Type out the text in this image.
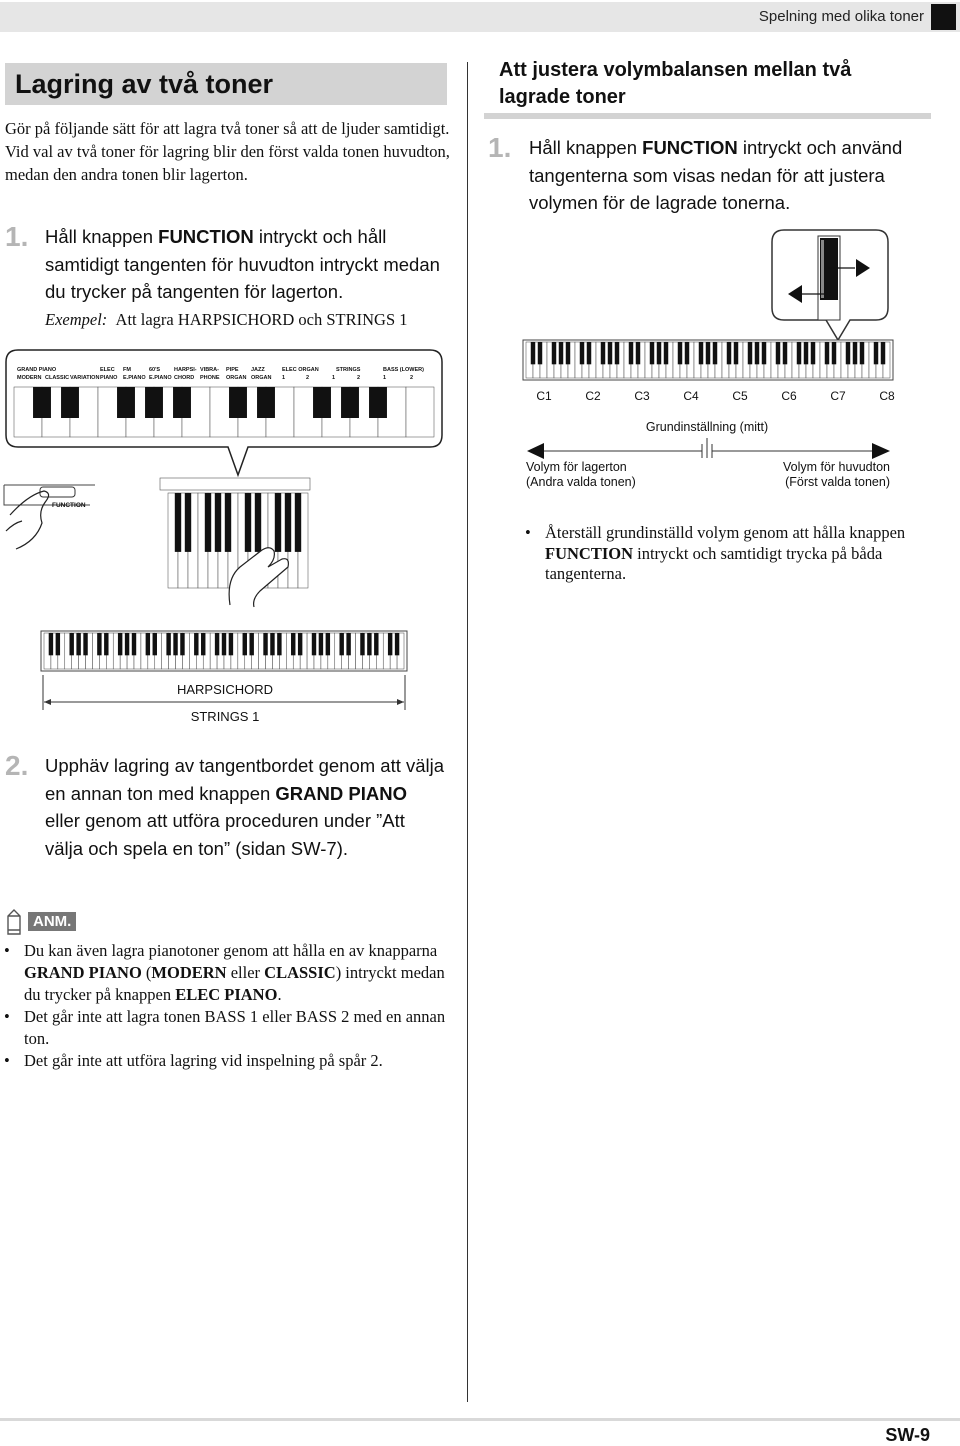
Spelning med olika toner
Lagring av två toner
Gör på följande sätt för att lagra två toner så att de ljuder samtidigt.
Vid val av två toner för lagring blir den först valda tonen huvudton, medan den andra tonen blir lagerton.
1. Håll knappen FUNCTION intryckt och håll samtidigt tangenten för huvudton intryckt medan du trycker på tangenten för lagerton.
Exempel: Att lagra HARPSICHORD och STRINGS 1
GRAND PIANO	ELEC FM	60'S	HARPSI- VIBRA- PIPE JAZZ	ELEC ORGAN	STRINGS	BASS (LOWER)
MODERN CLASSIC VARIATION PIANO E.PIANO E.PIANO CHORD PHONE ORGAN ORGAN 1	2	1	2	1	2
FUNCTION
HARPSICHORD
STRINGS 1
2. Upphäv lagring av tangentbordet genom att välja en annan ton med knappen GRAND PIANO eller genom att utföra proceduren under ”Att välja och spela en ton” (sidan SW-7).
ANM.
• Du kan även lagra pianotoner genom att hålla en av knapparna GRAND PIANO (MODERN eller CLASSIC) intryckt medan du trycker på knappen ELEC PIANO.
• Det går inte att lagra tonen BASS 1 eller BASS 2 med en annan ton.
• Det går inte att utföra lagring vid inspelning på spår 2.
Att justera volymbalansen mellan två lagrade toner
1. Håll knappen FUNCTION intryckt och använd tangenterna som visas nedan för att justera volymen för de lagrade tonerna.
C1	C2	C3	C4	C5	C6	C7	C8
Grundinställning (mitt)
Volym för lagerton
(Andra valda tonen)
Volym för huvudton
(Först valda tonen)
• Återställ grundinställd volym genom att hålla knappen FUNCTION intryckt och samtidigt trycka på båda tangenterna.
SW-9
